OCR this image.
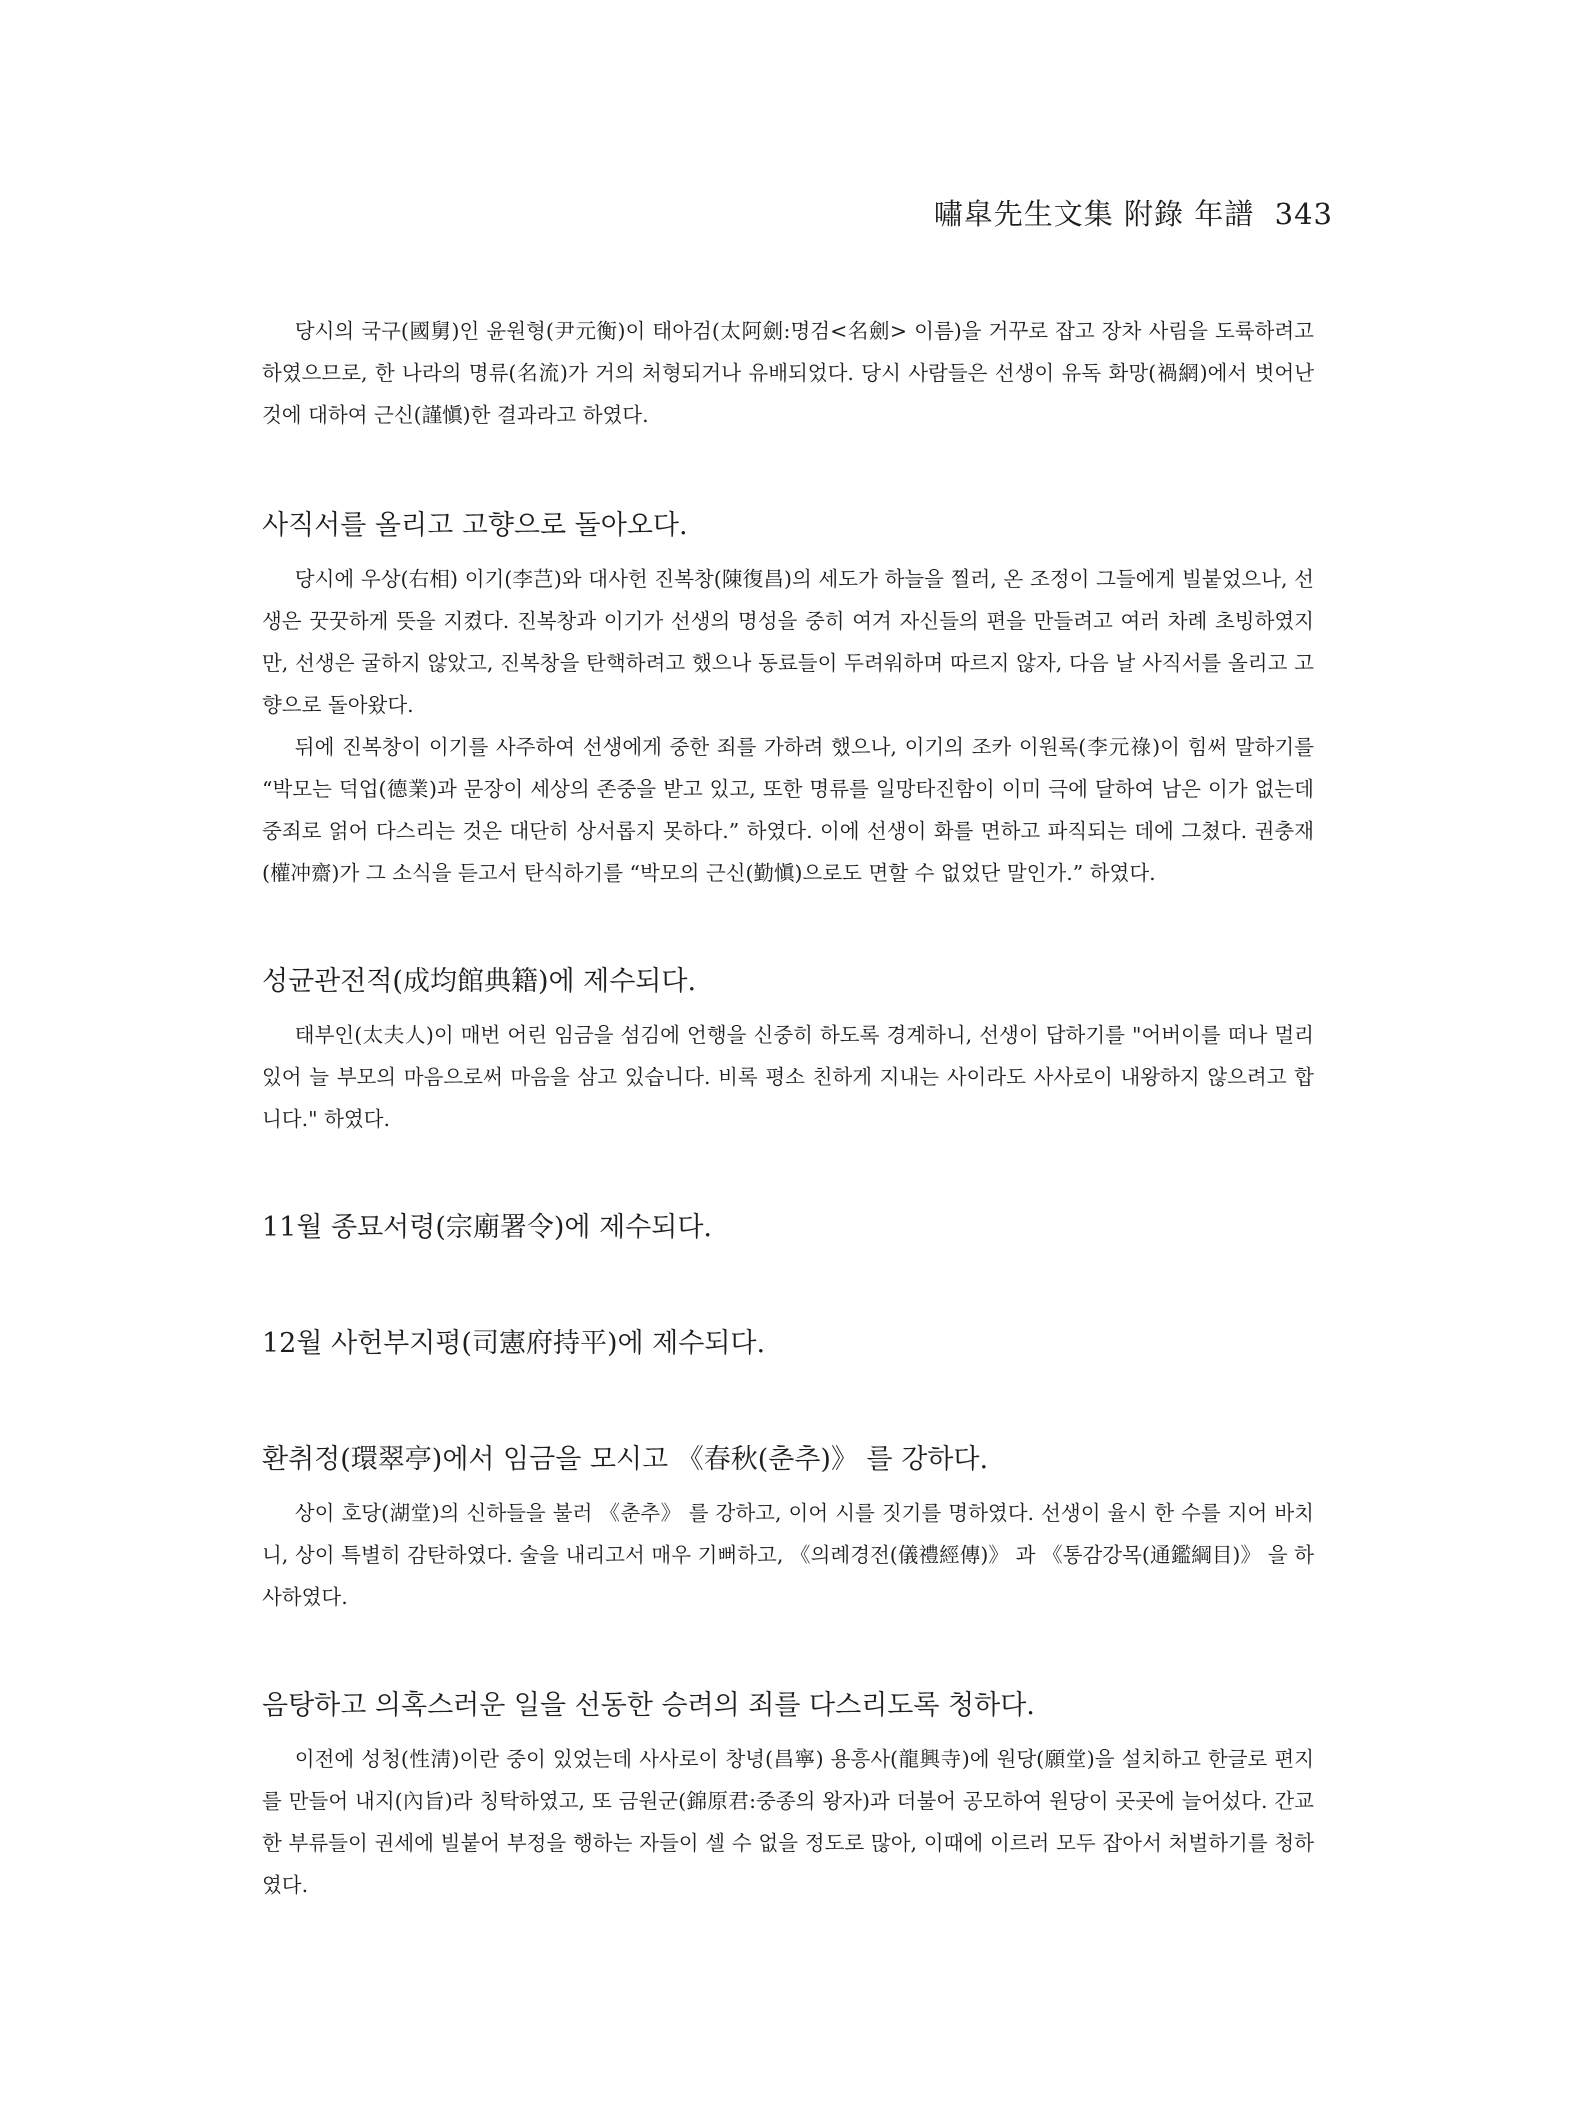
嘯皐先生文集 附錄 年譜 343

당시의 국구(國舅)인 윤원형(尹元衡)이 태아검(太阿劍:명검<名劍> 이름)을 거꾸로 잡고 장차 사림을 도륙하려고 하였으므로, 한 나라의 명류(名流)가 거의 처형되거나 유배되었다. 당시 사람들은 선생이 유독 화망(禍網)에서 벗어난 것에 대하여 근신(謹愼)한 결과라고 하였다.

사직서를 올리고 고향으로 돌아오다.

당시에 우상(右相) 이기(李芑)와 대사헌 진복창(陳復昌)의 세도가 하늘을 찔러, 온 조정이 그들에게 빌붙었으나, 선생은 꿋꿋하게 뜻을 지켰다. 진복창과 이기가 선생의 명성을 중히 여겨 자신들의 편을 만들려고 여러 차례 초빙하였지만, 선생은 굴하지 않았고, 진복창을 탄핵하려고 했으나 동료들이 두려워하며 따르지 않자, 다음 날 사직서를 올리고 고향으로 돌아왔다.

뒤에 진복창이 이기를 사주하여 선생에게 중한 죄를 가하려 했으나, 이기의 조카 이원록(李元祿)이 힘써 말하기를 “박모는 덕업(德業)과 문장이 세상의 존중을 받고 있고, 또한 명류를 일망타진함이 이미 극에 달하여 남은 이가 없는데 중죄로 얽어 다스리는 것은 대단히 상서롭지 못하다.” 하였다. 이에 선생이 화를 면하고 파직되는 데에 그쳤다. 권충재(權冲齋)가 그 소식을 듣고서 탄식하기를 “박모의 근신(勤愼)으로도 면할 수 없었단 말인가.” 하였다.

성균관전적(成均館典籍)에 제수되다.

태부인(太夫人)이 매번 어린 임금을 섬김에 언행을 신중히 하도록 경계하니, 선생이 답하기를 "어버이를 떠나 멀리 있어 늘 부모의 마음으로써 마음을 삼고 있습니다. 비록 평소 친하게 지내는 사이라도 사사로이 내왕하지 않으려고 합니다." 하였다.

11월 종묘서령(宗廟署令)에 제수되다.
12월 사헌부지평(司憲府持平)에 제수되다.
환취정(環翠亭)에서 임금을 모시고 《春秋(춘추)》 를 강하다.

상이 호당(湖堂)의 신하들을 불러 《춘추》 를 강하고, 이어 시를 짓기를 명하였다. 선생이 율시 한 수를 지어 바치니, 상이 특별히 감탄하였다. 술을 내리고서 매우 기뻐하고, 《의례경전(儀禮經傳)》 과 《통감강목(通鑑綱目)》 을 하사하였다.

음탕하고 의혹스러운 일을 선동한 승려의 죄를 다스리도록 청하다.

이전에 성청(性淸)이란 중이 있었는데 사사로이 창녕(昌寧) 용흥사(龍興寺)에 원당(願堂)을 설치하고 한글로 편지를 만들어 내지(內旨)라 칭탁하였고, 또 금원군(錦原君:중종의 왕자)과 더불어 공모하여 원당이 곳곳에 늘어섰다. 간교한 부류들이 권세에 빌붙어 부정을 행하는 자들이 셀 수 없을 정도로 많아, 이때에 이르러 모두 잡아서 처벌하기를 청하였다.
